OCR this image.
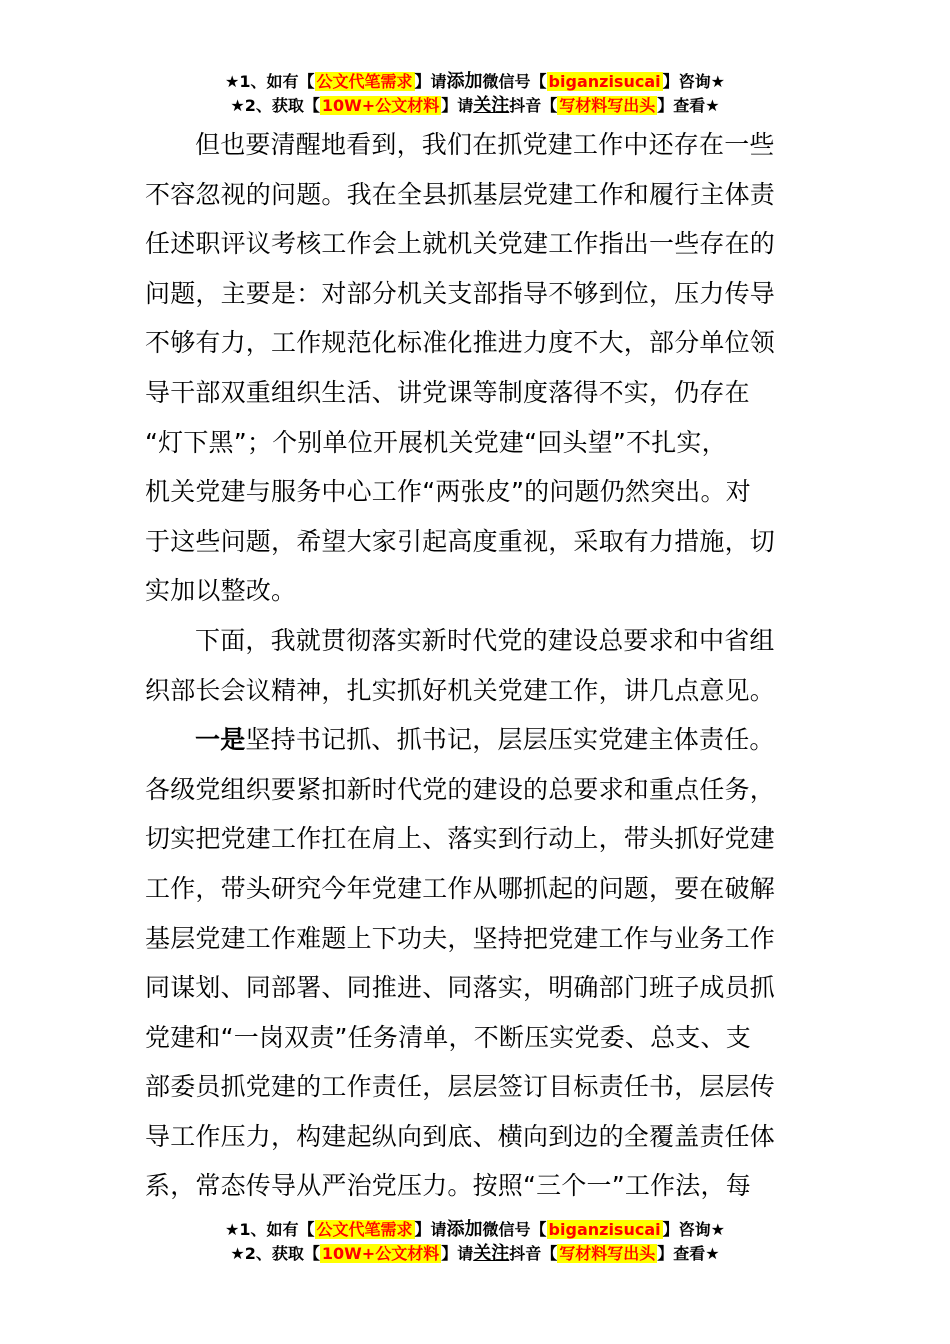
★1、如有【 公文代笔需求 】请添加微信号【 biganzisucai 】咨询★
★2、获取【 10W+公文材料 】请关注抖音【 写材料写出头 】查看★

但也要清醒地看到，我们在抓党建工作中还存在一些

不容忽视的问题。我在全县抓基层党建工作和履行主体责

任述职评议考核工作会上就机关党建工作指出一些存在的

问题，主要是：对部分机关支部指导不够到位，压力传导

不够有力，工作规范化标准化推进力度不大，部分单位领

导干部双重组织生活、讲党课等制度落得不实，仍存在

“灯下黑”；个别单位开展机关党建“回头望”不扎实，

机关党建与服务中心工作“两张皮”的问题仍然突出。对

于这些问题，希望大家引起高度重视，采取有力措施，切

实加以整改。

下面，我就贯彻落实新时代党的建设总要求和中省组

织部长会议精神，扎实抓好机关党建工作，讲几点意见。

一是坚持书记抓、抓书记，层层压实党建主体责任。

各级党组织要紧扣新时代党的建设的总要求和重点任务，

切实把党建工作扛在肩上、落实到行动上，带头抓好党建

工作，带头研究今年党建工作从哪抓起的问题，要在破解

基层党建工作难题上下功夫，坚持把党建工作与业务工作

同谋划、同部署、同推进、同落实，明确部门班子成员抓

党建和“一岗双责”任务清单，不断压实党委、总支、支

部委员抓党建的工作责任，层层签订目标责任书，层层传

导工作压力，构建起纵向到底、横向到边的全覆盖责任体

系，常态传导从严治党压力。按照“三个一”工作法，每

★1、如有【 公文代笔需求 】请添加微信号【 biganzisucai 】咨询★
★2、获取【 10W+公文材料 】请关注抖音【 写材料写出头 】查看★
